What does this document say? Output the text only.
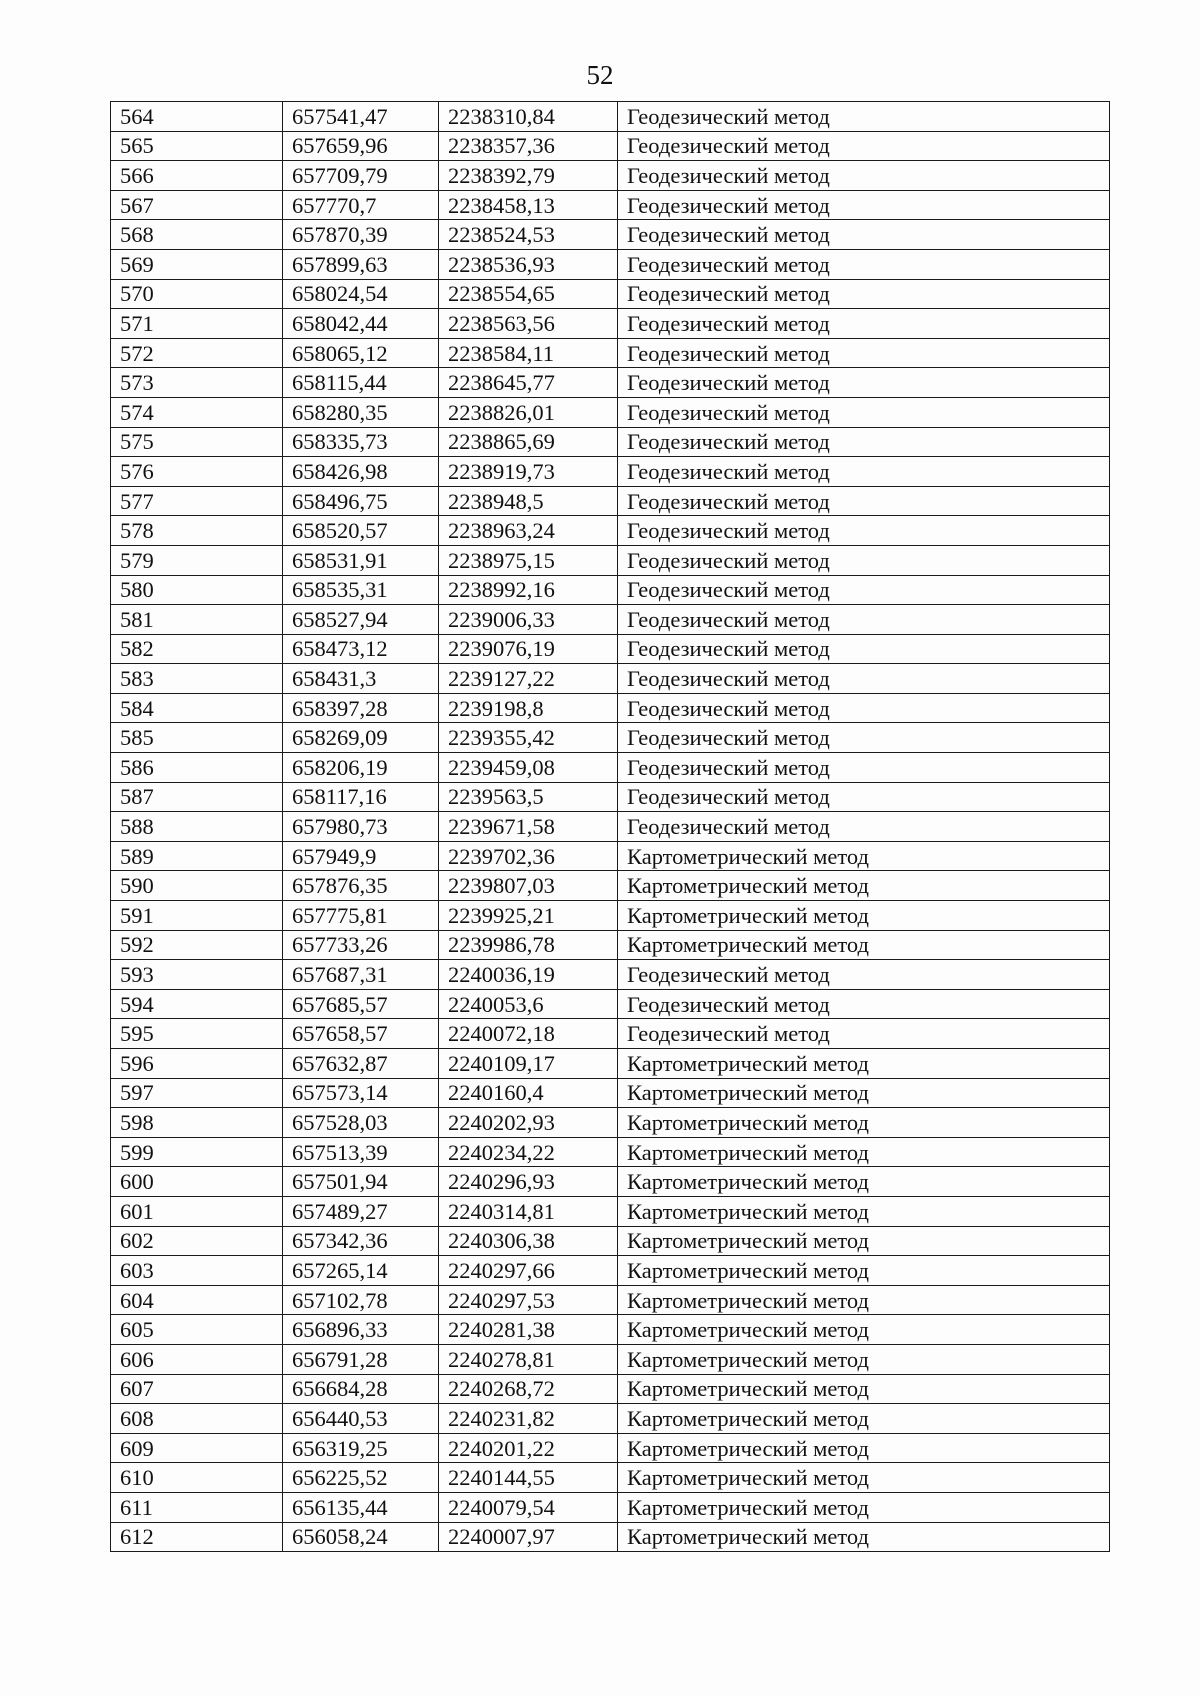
52
564	657541,47	2238310,84	Геодезический метод
565	657659,96	2238357,36	Геодезический метод
566	657709,79	2238392,79	Геодезический метод
567	657770,7	2238458,13	Геодезический метод
568	657870,39	2238524,53	Геодезический метод
569	657899,63	2238536,93	Геодезический метод
570	658024,54	2238554,65	Геодезический метод
571	658042,44	2238563,56	Геодезический метод
572	658065,12	2238584,11	Геодезический метод
573	658115,44	2238645,77	Геодезический метод
574	658280,35	2238826,01	Геодезический метод
575	658335,73	2238865,69	Геодезический метод
576	658426,98	2238919,73	Геодезический метод
577	658496,75	2238948,5	Геодезический метод
578	658520,57	2238963,24	Геодезический метод
579	658531,91	2238975,15	Геодезический метод
580	658535,31	2238992,16	Геодезический метод
581	658527,94	2239006,33	Геодезический метод
582	658473,12	2239076,19	Геодезический метод
583	658431,3	2239127,22	Геодезический метод
584	658397,28	2239198,8	Геодезический метод
585	658269,09	2239355,42	Геодезический метод
586	658206,19	2239459,08	Геодезический метод
587	658117,16	2239563,5	Геодезический метод
588	657980,73	2239671,58	Геодезический метод
589	657949,9	2239702,36	Картометрический метод
590	657876,35	2239807,03	Картометрический метод
591	657775,81	2239925,21	Картометрический метод
592	657733,26	2239986,78	Картометрический метод
593	657687,31	2240036,19	Геодезический метод
594	657685,57	2240053,6	Геодезический метод
595	657658,57	2240072,18	Геодезический метод
596	657632,87	2240109,17	Картометрический метод
597	657573,14	2240160,4	Картометрический метод
598	657528,03	2240202,93	Картометрический метод
599	657513,39	2240234,22	Картометрический метод
600	657501,94	2240296,93	Картометрический метод
601	657489,27	2240314,81	Картометрический метод
602	657342,36	2240306,38	Картометрический метод
603	657265,14	2240297,66	Картометрический метод
604	657102,78	2240297,53	Картометрический метод
605	656896,33	2240281,38	Картометрический метод
606	656791,28	2240278,81	Картометрический метод
607	656684,28	2240268,72	Картометрический метод
608	656440,53	2240231,82	Картометрический метод
609	656319,25	2240201,22	Картометрический метод
610	656225,52	2240144,55	Картометрический метод
611	656135,44	2240079,54	Картометрический метод
612	656058,24	2240007,97	Картометрический метод
